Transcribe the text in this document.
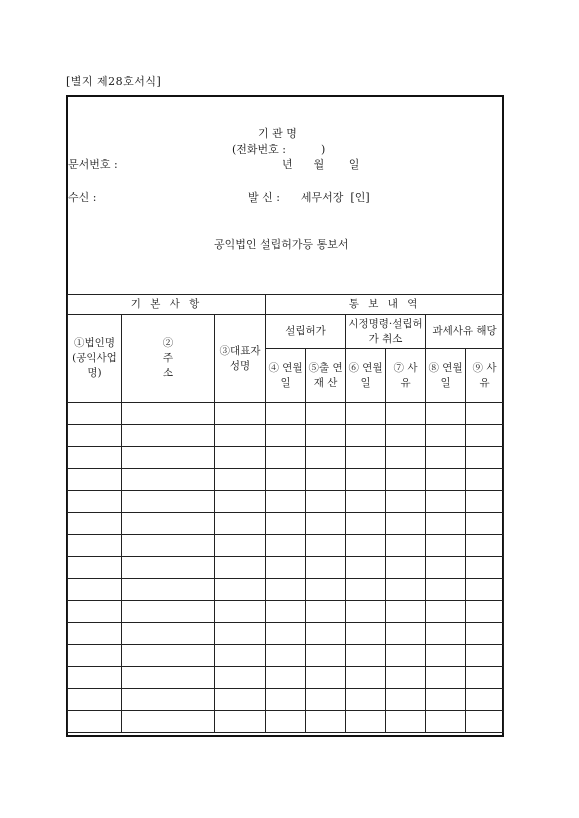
[별지 제28호서식]
기 관 명
(전화번호 :          )
문서번호 :	년      월       일
수신 :	발 신 :      세무서장  [인]
공익법인 설립허가등 통보서
기 본 사 항			통 보 내 역					

①법인명 (공익사업명)	② 주소	③대표자 성명	설립허가		시정명령·설립허가 취소		과세사유 해당	

			④ 연월일	⑤출 연 재 산	⑥ 연월일	⑦ 사 유	⑧ 연월일	⑨ 사 유
